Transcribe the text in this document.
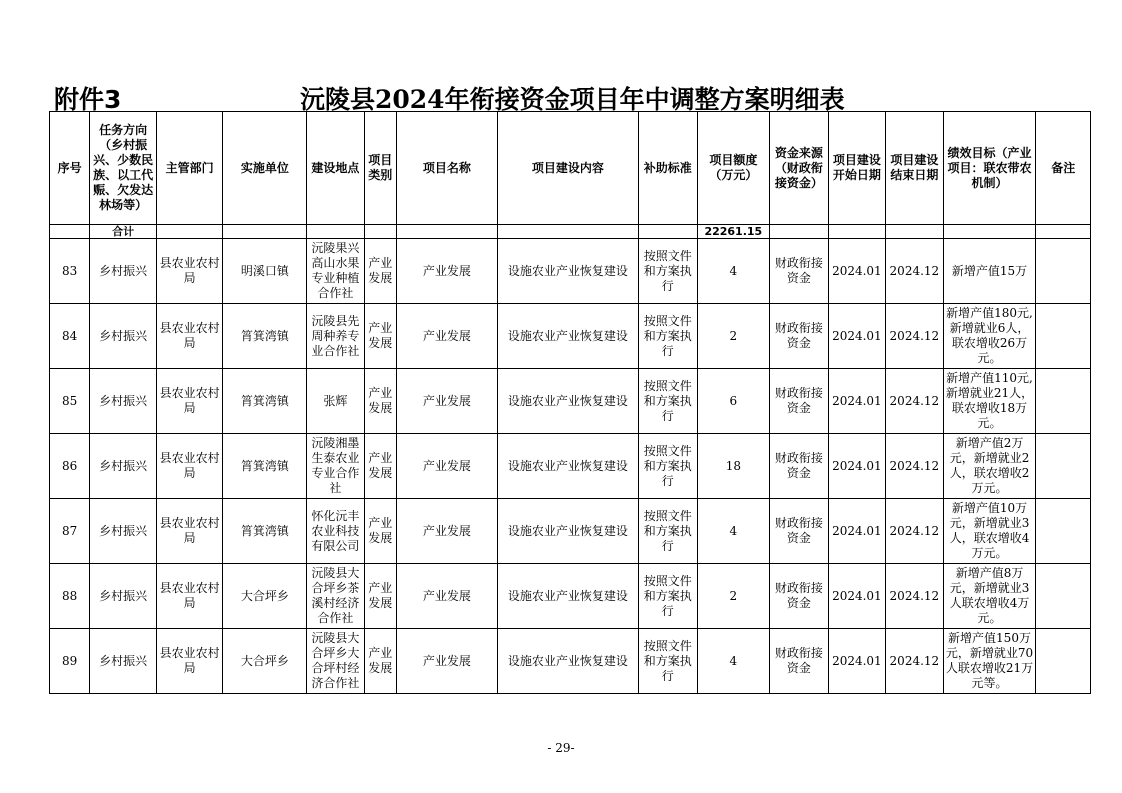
附件3	沅陵县2024年衔接资金项目年中调整方案明细表
序号	任务方向（乡村振兴、少数民族、以工代赈、欠发达林场等）	主管部门	实施单位	建设地点	项目类别	项目名称	项目建设内容	补助标准	项目额度（万元）	资金来源（财政衔接资金）	项目建设开始日期	项目建设结束日期	绩效目标（产业项目：联农带农机制）	备注
	合计								22261.15					
83	乡村振兴	县农业农村局	明溪口镇	沅陵果兴高山水果专业种植合作社	产业发展	产业发展	设施农业产业恢复建设	按照文件和方案执行	4	财政衔接资金	2024.01	2024.12	新增产值15万	
84	乡村振兴	县农业农村局	筲箕湾镇	沅陵县先周种养专业合作社	产业发展	产业发展	设施农业产业恢复建设	按照文件和方案执行	2	财政衔接资金	2024.01	2024.12	新增产值180元,新增就业6人，联农增收26万元。	
85	乡村振兴	县农业农村局	筲箕湾镇	张辉	产业发展	产业发展	设施农业产业恢复建设	按照文件和方案执行	6	财政衔接资金	2024.01	2024.12	新增产值110元,新增就业21人，联农增收18万元。	
86	乡村振兴	县农业农村局	筲箕湾镇	沅陵湘墨生泰农业专业合作社	产业发展	产业发展	设施农业产业恢复建设	按照文件和方案执行	18	财政衔接资金	2024.01	2024.12	新增产值2万元，新增就业2人，联农增收2万元。	
87	乡村振兴	县农业农村局	筲箕湾镇	怀化沅丰农业科技有限公司	产业发展	产业发展	设施农业产业恢复建设	按照文件和方案执行	4	财政衔接资金	2024.01	2024.12	新增产值10万元，新增就业3人，联农增收4万元。	
88	乡村振兴	县农业农村局	大合坪乡	沅陵县大合坪乡茶溪村经济合作社	产业发展	产业发展	设施农业产业恢复建设	按照文件和方案执行	2	财政衔接资金	2024.01	2024.12	新增产值8万元，新增就业3人联农增收4万元。	
89	乡村振兴	县农业农村局	大合坪乡	沅陵县大合坪乡大合坪村经济合作社	产业发展	产业发展	设施农业产业恢复建设	按照文件和方案执行	4	财政衔接资金	2024.01	2024.12	新增产值150万元，新增就业70人联农增收21万元等。	
- 29-
